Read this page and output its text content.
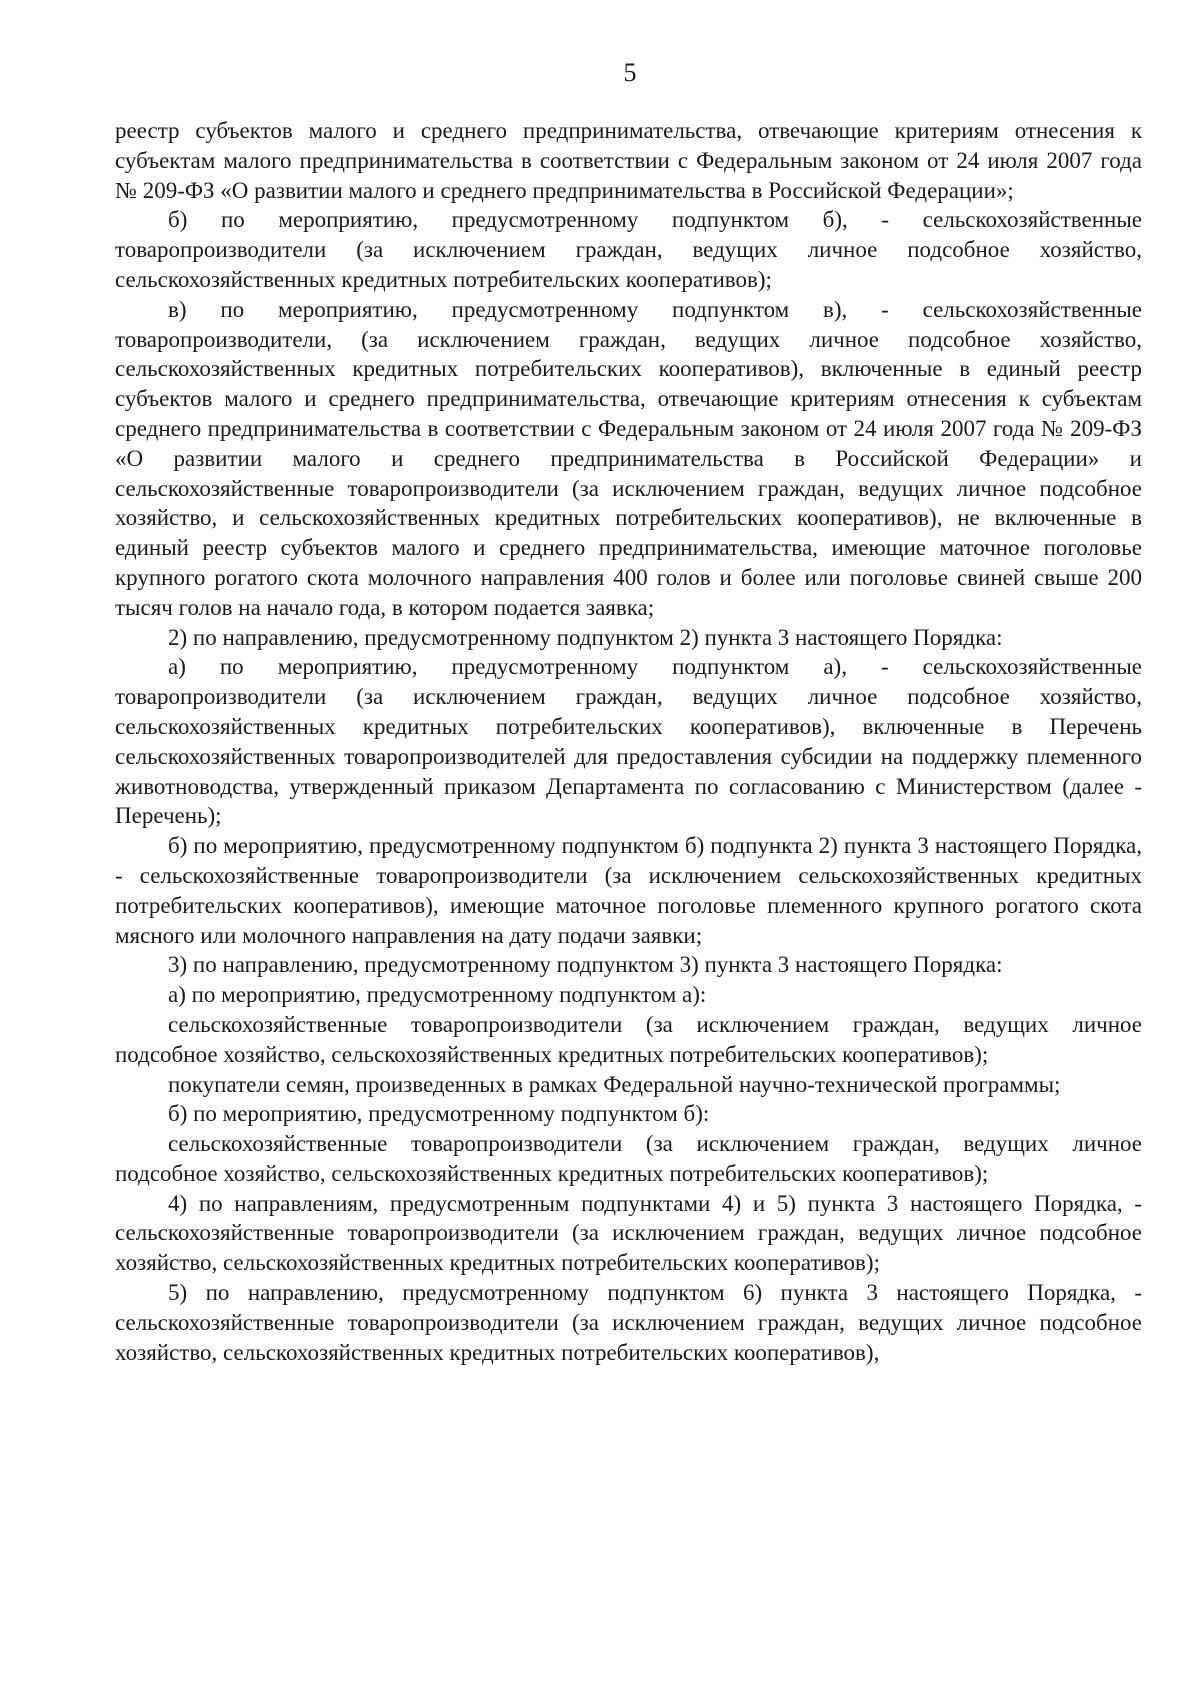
5

реестр субъектов малого и среднего предпринимательства, отвечающие критериям отнесения к субъектам малого предпринимательства в соответствии с Федеральным законом от 24 июля 2007 года № 209-ФЗ «О развитии малого и среднего предпринимательства в Российской Федерации»;

б) по мероприятию, предусмотренному подпунктом б), - сельскохозяйственные товаропроизводители (за исключением граждан, ведущих личное подсобное хозяйство, сельскохозяйственных кредитных потребительских кооперативов);

в) по мероприятию, предусмотренному подпунктом в), - сельскохозяйственные товаропроизводители, (за исключением граждан, ведущих личное подсобное хозяйство, сельскохозяйственных кредитных потребительских кооперативов), включенные в единый реестр субъектов малого и среднего предпринимательства, отвечающие критериям отнесения к субъектам среднего предпринимательства в соответствии с Федеральным законом от 24 июля 2007 года № 209-ФЗ «О развитии малого и среднего предпринимательства в Российской Федерации» и сельскохозяйственные товаропроизводители (за исключением граждан, ведущих личное подсобное хозяйство, и сельскохозяйственных кредитных потребительских кооперативов), не включенные в единый реестр субъектов малого и среднего предпринимательства, имеющие маточное поголовье крупного рогатого скота молочного направления 400 голов и более или поголовье свиней свыше 200 тысяч голов на начало года, в котором подается заявка;

2) по направлению, предусмотренному подпунктом 2) пункта 3 настоящего Порядка:

а) по мероприятию, предусмотренному подпунктом а), - сельскохозяйственные товаропроизводители (за исключением граждан, ведущих личное подсобное хозяйство, сельскохозяйственных кредитных потребительских кооперативов), включенные в Перечень сельскохозяйственных товаропроизводителей для предоставления субсидии на поддержку племенного животноводства, утвержденный приказом Департамента по согласованию с Министерством (далее - Перечень);

б) по мероприятию, предусмотренному подпунктом б) подпункта 2) пункта 3 настоящего Порядка, - сельскохозяйственные товаропроизводители (за исключением сельскохозяйственных кредитных потребительских кооперативов), имеющие маточное поголовье племенного крупного рогатого скота мясного или молочного направления на дату подачи заявки;

3) по направлению, предусмотренному подпунктом 3) пункта 3 настоящего Порядка:

а) по мероприятию, предусмотренному подпунктом а):

сельскохозяйственные товаропроизводители (за исключением граждан, ведущих личное подсобное хозяйство, сельскохозяйственных кредитных потребительских кооперативов);

покупатели семян, произведенных в рамках Федеральной научно-технической программы;

б) по мероприятию, предусмотренному подпунктом б):

сельскохозяйственные товаропроизводители (за исключением граждан, ведущих личное подсобное хозяйство, сельскохозяйственных кредитных потребительских кооперативов);

4) по направлениям, предусмотренным подпунктами 4) и 5) пункта 3 настоящего Порядка, - сельскохозяйственные товаропроизводители (за исключением граждан, ведущих личное подсобное хозяйство, сельскохозяйственных кредитных потребительских кооперативов);

5) по направлению, предусмотренному подпунктом 6) пункта 3 настоящего Порядка, - сельскохозяйственные товаропроизводители (за исключением граждан, ведущих личное подсобное хозяйство, сельскохозяйственных кредитных потребительских кооперативов),
